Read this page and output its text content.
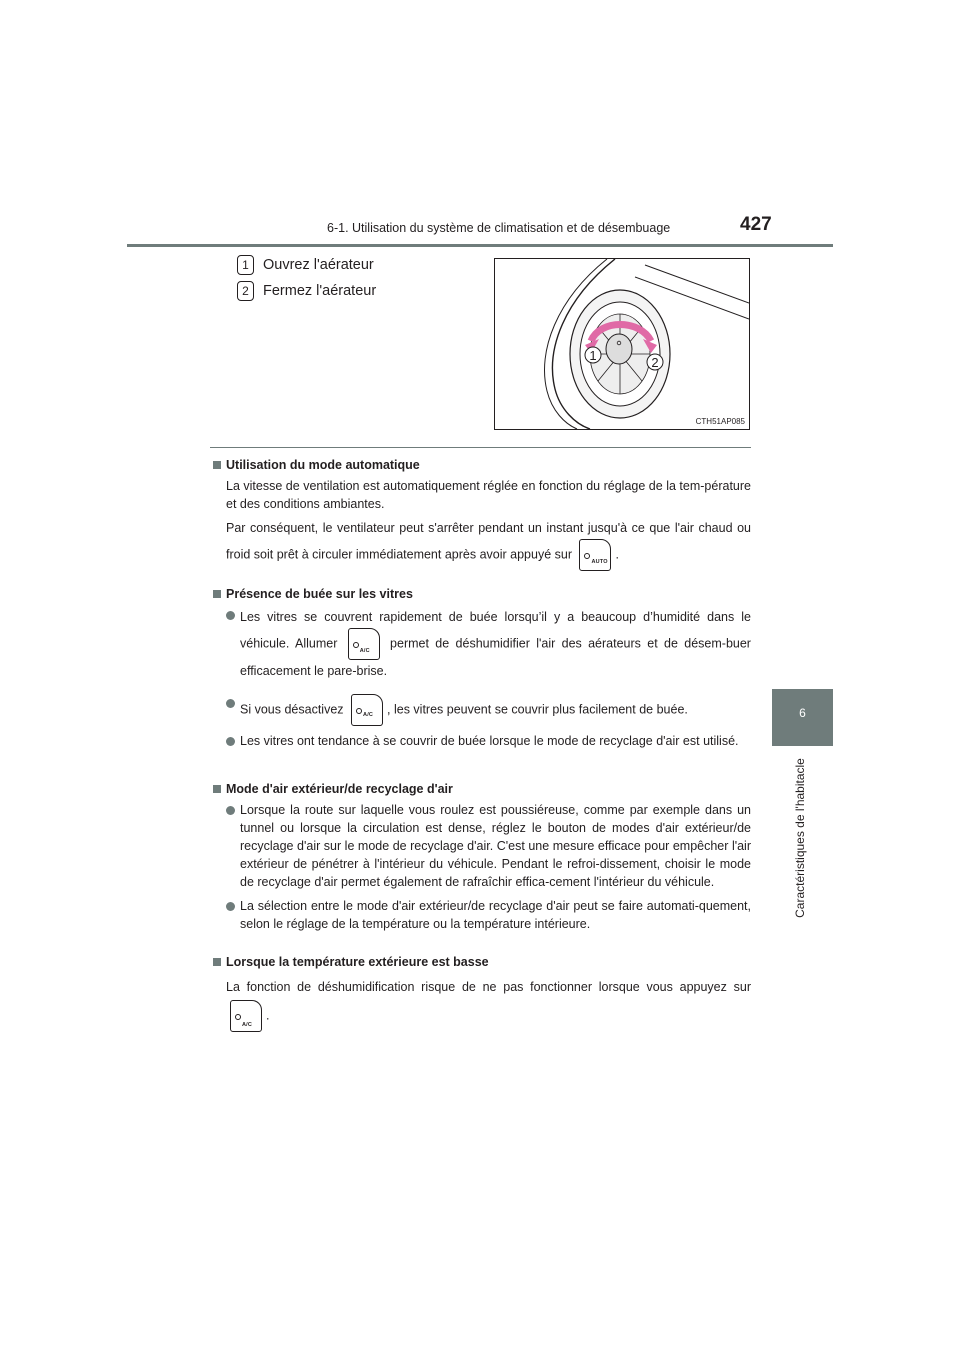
6-1. Utilisation du système de climatisation et de désembuage	427
6
Caractéristiques de l'habitacle
1 Ouvrez l'aérateur
2 Fermez l'aérateur
1	2
CTH51AP085
Utilisation du mode automatique
La vitesse de ventilation est automatiquement réglée en fonction du réglage de la tem-pérature et des conditions ambiantes.
Par conséquent, le ventilateur peut s'arrêter pendant un instant jusqu'à ce que l'air chaud ou froid soit prêt à circuler immédiatement après avoir appuyé sur
AUTO
.
Présence de buée sur les vitres
Les vitres se couvrent rapidement de buée lorsqu’il y a beaucoup d’humidité dans le véhicule. Allumer
A/C
permet de déshumidifier l'air des aérateurs et de désem-buer efficacement le pare-brise.
Si vous désactivez	A/C , les vitres peuvent se couvrir plus facilement de buée.
Les vitres ont tendance à se couvrir de buée lorsque le mode de recyclage d'air est utilisé.
Mode d'air extérieur/de recyclage d'air
Lorsque la route sur laquelle vous roulez est poussiéreuse, comme par exemple dans un tunnel ou lorsque la circulation est dense, réglez le bouton de modes d'air extérieur/de recyclage d'air sur le mode de recyclage d'air. C'est une mesure efficace pour empêcher l'air extérieur de pénétrer à l'intérieur du véhicule. Pendant le refroi-dissement, choisir le mode de recyclage d'air permet également de rafraîchir effica-cement l'intérieur du véhicule.
La sélection entre le mode d'air extérieur/de recyclage d'air peut se faire automati-quement, selon le réglage de la température ou la température intérieure.
Lorsque la température extérieure est basse
La fonction de déshumidification risque de ne pas fonctionner lorsque vous appuyez sur
A/C
.
